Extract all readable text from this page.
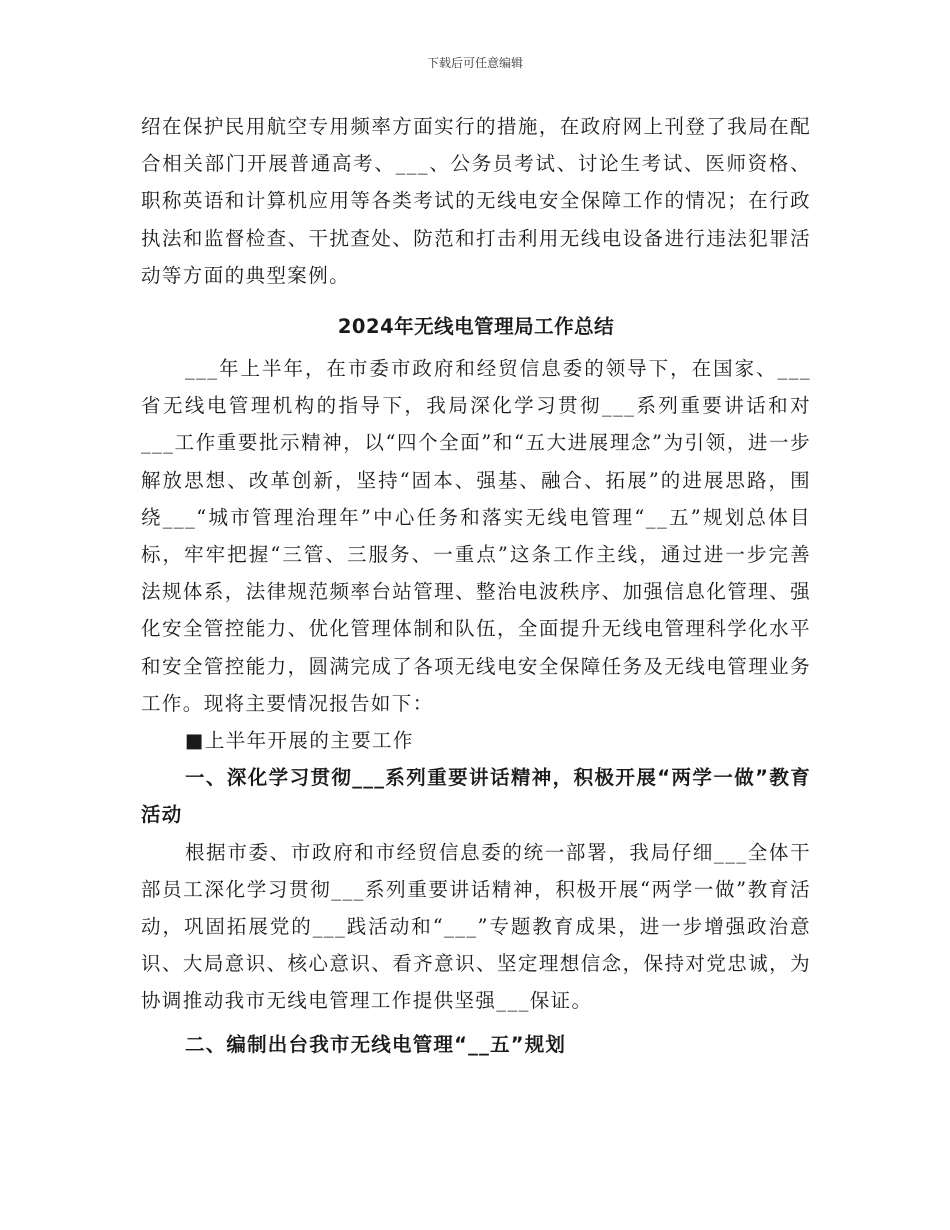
下载后可任意编辑

绍在保护民用航空专用频率方面实行的措施，在政府网上刊登了我局在配合相关部门开展普通高考、___、公务员考试、讨论生考试、医师资格、职称英语和计算机应用等各类考试的无线电安全保障工作的情况；在行政执法和监督检查、干扰查处、防范和打击利用无线电设备进行违法犯罪活动等方面的典型案例。

2024年无线电管理局工作总结

___年上半年，在市委市政府和经贸信息委的领导下，在国家、___省无线电管理机构的指导下，我局深化学习贯彻___系列重要讲话和对___工作重要批示精神，以“四个全面”和“五大进展理念”为引领，进一步解放思想、改革创新，坚持“固本、强基、融合、拓展”的进展思路，围绕___“城市管理治理年”中心任务和落实无线电管理“__五”规划总体目标，牢牢把握“三管、三服务、一重点”这条工作主线，通过进一步完善法规体系，法律规范频率台站管理、整治电波秩序、加强信息化管理、强化安全管控能力、优化管理体制和队伍，全面提升无线电管理科学化水平和安全管控能力，圆满完成了各项无线电安全保障任务及无线电管理业务工作。现将主要情况报告如下：

■上半年开展的主要工作

一、深化学习贯彻___系列重要讲话精神，积极开展“两学一做”教育活动

根据市委、市政府和市经贸信息委的统一部署，我局仔细___全体干部员工深化学习贯彻___系列重要讲话精神，积极开展“两学一做”教育活动，巩固拓展党的___践活动和“___”专题教育成果，进一步增强政治意识、大局意识、核心意识、看齐意识、坚定理想信念，保持对党忠诚，为协调推动我市无线电管理工作提供坚强___保证。

二、编制出台我市无线电管理“__五”规划
